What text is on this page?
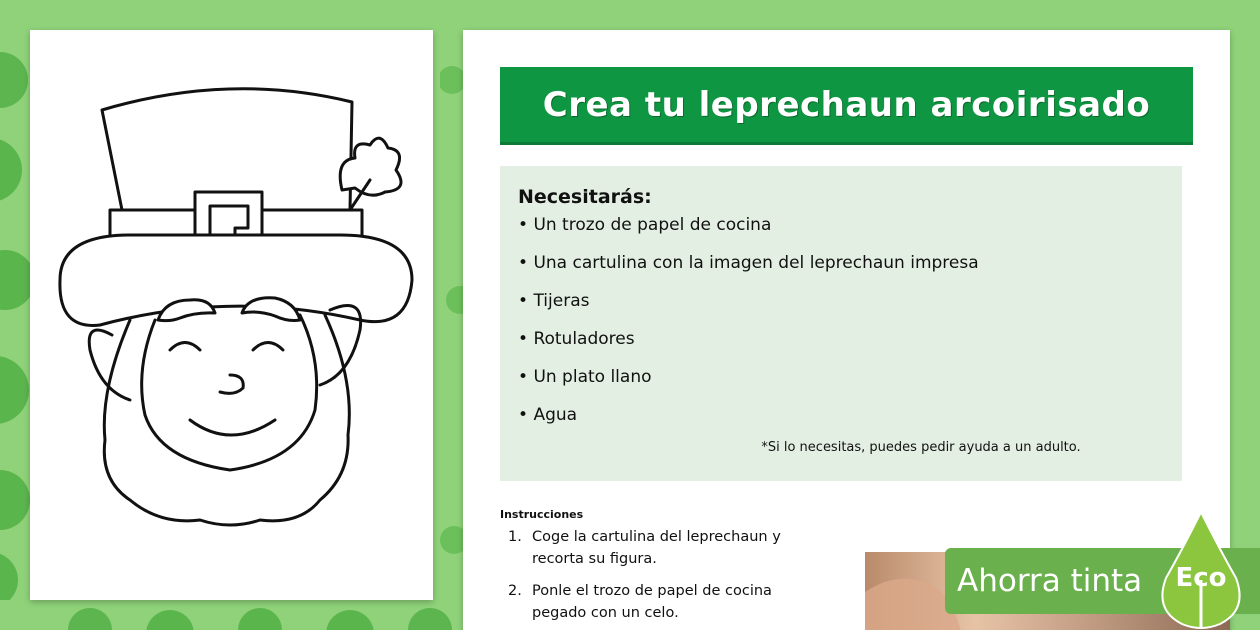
Crea tu leprechaun arcoirisado
Necesitarás:
• Un trozo de papel de cocina
• Una cartulina con la imagen del leprechaun impresa
• Tijeras
• Rotuladores
• Un plato llano
• Agua
*Si lo necesitas, puedes pedir ayuda a un adulto.
Instrucciones
1. Coge la cartulina del leprechaun y recorta su figura.
2. Ponle el trozo de papel de cocina pegado con un celo.
Ahorra tinta Eco
